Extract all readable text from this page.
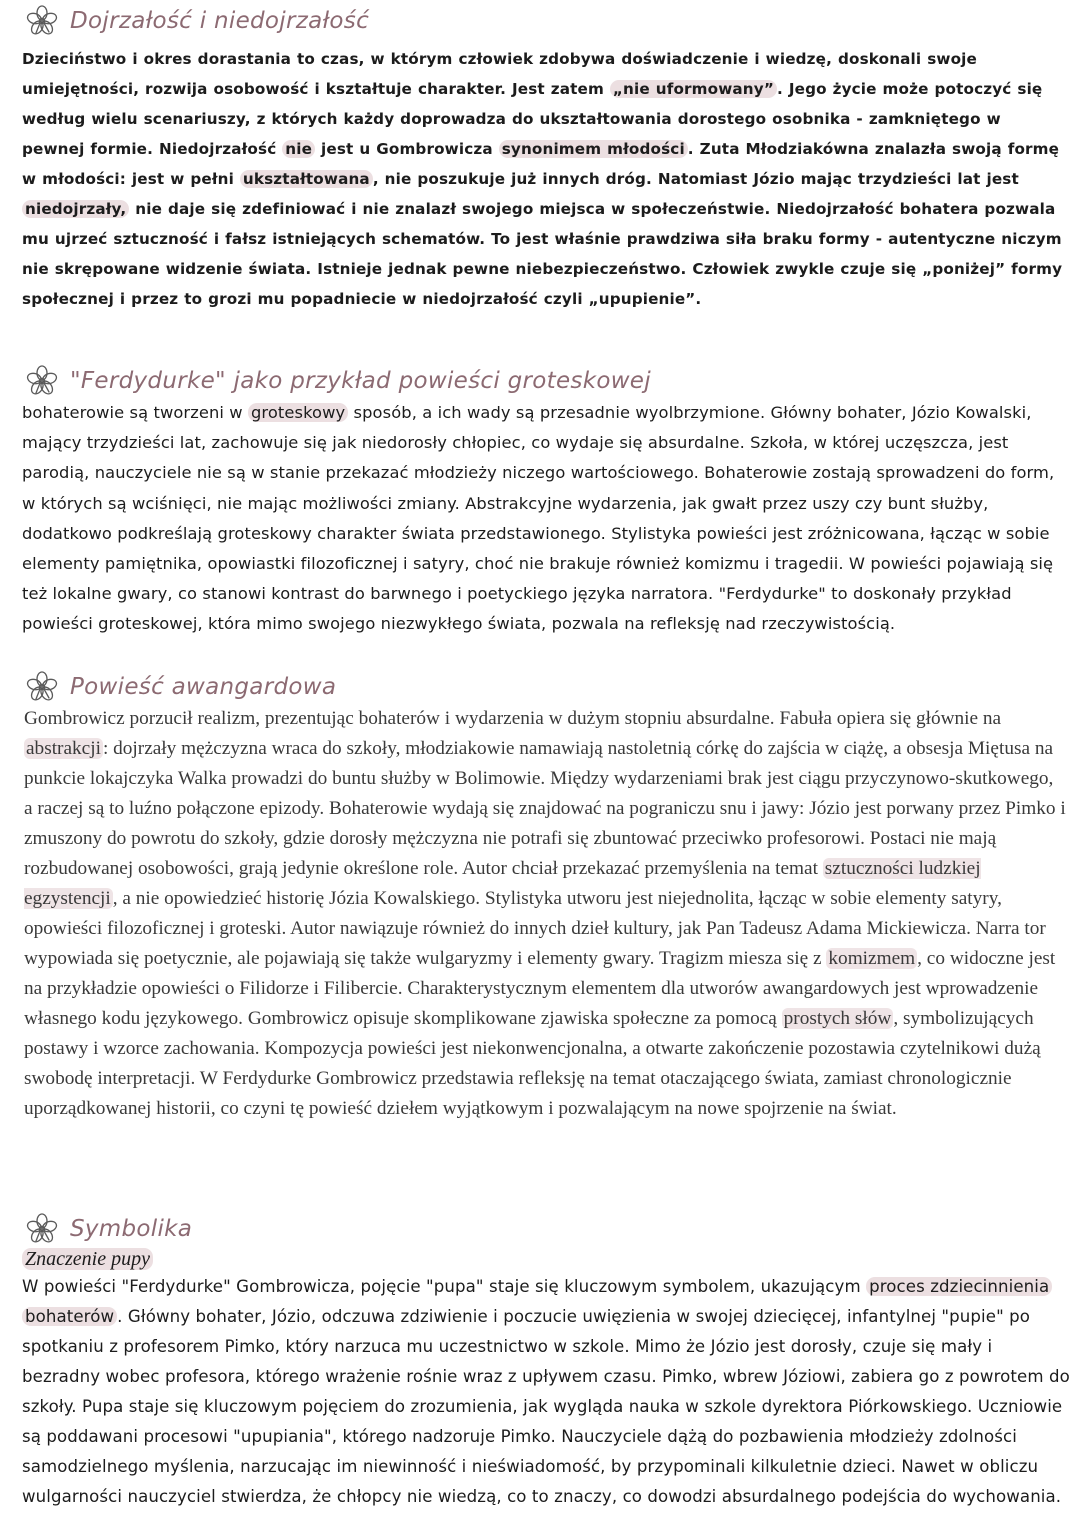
Dojrzałość i niedojrzałość

Dzieciństwo i okres dorastania to czas, w którym człowiek zdobywa doświadczenie i wiedzę, doskonali swoje umiejętności, rozwija osobowość i kształtuje charakter. Jest zatem „nie uformowany” . Jego życie może potoczyć się według wielu scenariuszy, z których każdy doprowadza do ukształtowania dorostego osobnika - zamkniętego w pewnej formie. Niedojrzałość nie jest u Gombrowicza synonimem młodości . Zuta Młodziakówna znalazła swoją formę w młodości: jest w pełni ukształtowana , nie poszukuje już innych dróg. Natomiast Józio mając trzydzieści lat jest niedojrzały, nie daje się zdefiniować i nie znalazł swojego miejsca w społeczeństwie. Niedojrzałość bohatera pozwala mu ujrzeć sztuczność i fałsz istniejących schematów. To jest właśnie prawdziwa siła braku formy - autentyczne niczym nie skrępowane widzenie świata. Istnieje jednak pewne niebezpieczeństwo. Człowiek zwykle czuje się „poniżej” formy społecznej i przez to grozi mu popadniecie w niedojrzałość czyli „upupienie”.

"Ferdydurke" jako przykład powieści groteskowej

bohaterowie są tworzeni w groteskowy sposób, a ich wady są przesadnie wyolbrzymione. Główny bohater, Józio Kowalski, mający trzydzieści lat, zachowuje się jak niedorosły chłopiec, co wydaje się absurdalne. Szkoła, w której uczęszcza, jest parodią, nauczyciele nie są w stanie przekazać młodzieży niczego wartościowego. Bohaterowie zostają sprowadzeni do form, w których są wciśnięci, nie mając możliwości zmiany. Abstrakcyjne wydarzenia, jak gwałt przez uszy czy bunt służby, dodatkowo podkreślają groteskowy charakter świata przedstawionego. Stylistyka powieści jest zróżnicowana, łącząc w sobie elementy pamiętnika, opowiastki filozoficznej i satyry, choć nie brakuje również komizmu i tragedii. W powieści pojawiają się też lokalne gwary, co stanowi kontrast do barwnego i poetyckiego języka narratora. "Ferdydurke" to doskonały przykład powieści groteskowej, która mimo swojego niezwykłego świata, pozwala na refleksję nad rzeczywistością.

Powieść awangardowa

Gombrowicz porzucił realizm, prezentując bohaterów i wydarzenia w dużym stopniu absurdalne. Fabuła opiera się głównie na abstrakcji : dojrzały mężczyzna wraca do szkoły, młodziakowie namawiają nastoletnią córkę do zajścia w ciążę, a obsesja Miętusa na punkcie lokajczyka Walka prowadzi do buntu służby w Bolimowie. Między wydarzeniami brak jest ciągu przyczynowo-skutkowego, a raczej są to luźno połączone epizody. Bohaterowie wydają się znajdować na pograniczu snu i jawy: Józio jest porwany przez Pimko i zmuszony do powrotu do szkoły, gdzie dorosły mężczyzna nie potrafi się zbuntować przeciwko profesorowi. Postaci nie mają rozbudowanej osobowości, grają jedynie określone role. Autor chciał przekazać przemyślenia na temat sztuczności ludzkiej egzystencji , a nie opowiedzieć historię Józia Kowalskiego. Stylistyka utworu jest niejednolita, łącząc w sobie elementy satyry, opowieści filozoficznej i groteski. Autor nawiązuje również do innych dzieł kultury, jak Pan Tadeusz Adama Mickiewicza. Narra tor wypowiada się poetycznie, ale pojawiają się także wulgaryzmy i elementy gwary. Tragizm miesza się z komizmem , co widoczne jest na przykładzie opowieści o Filidorze i Filibercie. Charakterystycznym elementem dla utworów awangardowych jest wprowadzenie własnego kodu językowego. Gombrowicz opisuje skomplikowane zjawiska społeczne za pomocą prostych słów , symbolizujących postawy i wzorce zachowania. Kompozycja powieści jest niekonwencjonalna, a otwarte zakończenie pozostawia czytelnikowi dużą swobodę interpretacji. W Ferdydurke Gombrowicz przedstawia refleksję na temat otaczającego świata, zamiast chronologicznie uporządkowanej historii, co czyni tę powieść dziełem wyjątkowym i pozwalającym na nowe spojrzenie na świat.

Symbolika
Znaczenie pupy

W powieści "Ferdydurke" Gombrowicza, pojęcie "pupa" staje się kluczowym symbolem, ukazującym proces zdziecinnienia bohaterów . Główny bohater, Józio, odczuwa zdziwienie i poczucie uwięzienia w swojej dziecięcej, infantylnej "pupie" po spotkaniu z profesorem Pimko, który narzuca mu uczestnictwo w szkole. Mimo że Józio jest dorosły, czuje się mały i bezradny wobec profesora, którego wrażenie rośnie wraz z upływem czasu. Pimko, wbrew Józiowi, zabiera go z powrotem do szkoły. Pupa staje się kluczowym pojęciem do zrozumienia, jak wygląda nauka w szkole dyrektora Piórkowskiego. Uczniowie są poddawani procesowi "upupiania", którego nadzoruje Pimko. Nauczyciele dążą do pozbawienia młodzieży zdolności samodzielnego myślenia, narzucając im niewinność i nieświadomość, by przypominali kilkuletnie dzieci. Nawet w obliczu wulgarności nauczyciel stwierdza, że chłopcy nie wiedzą, co to znaczy, co dowodzi absurdalnego podejścia do wychowania.
